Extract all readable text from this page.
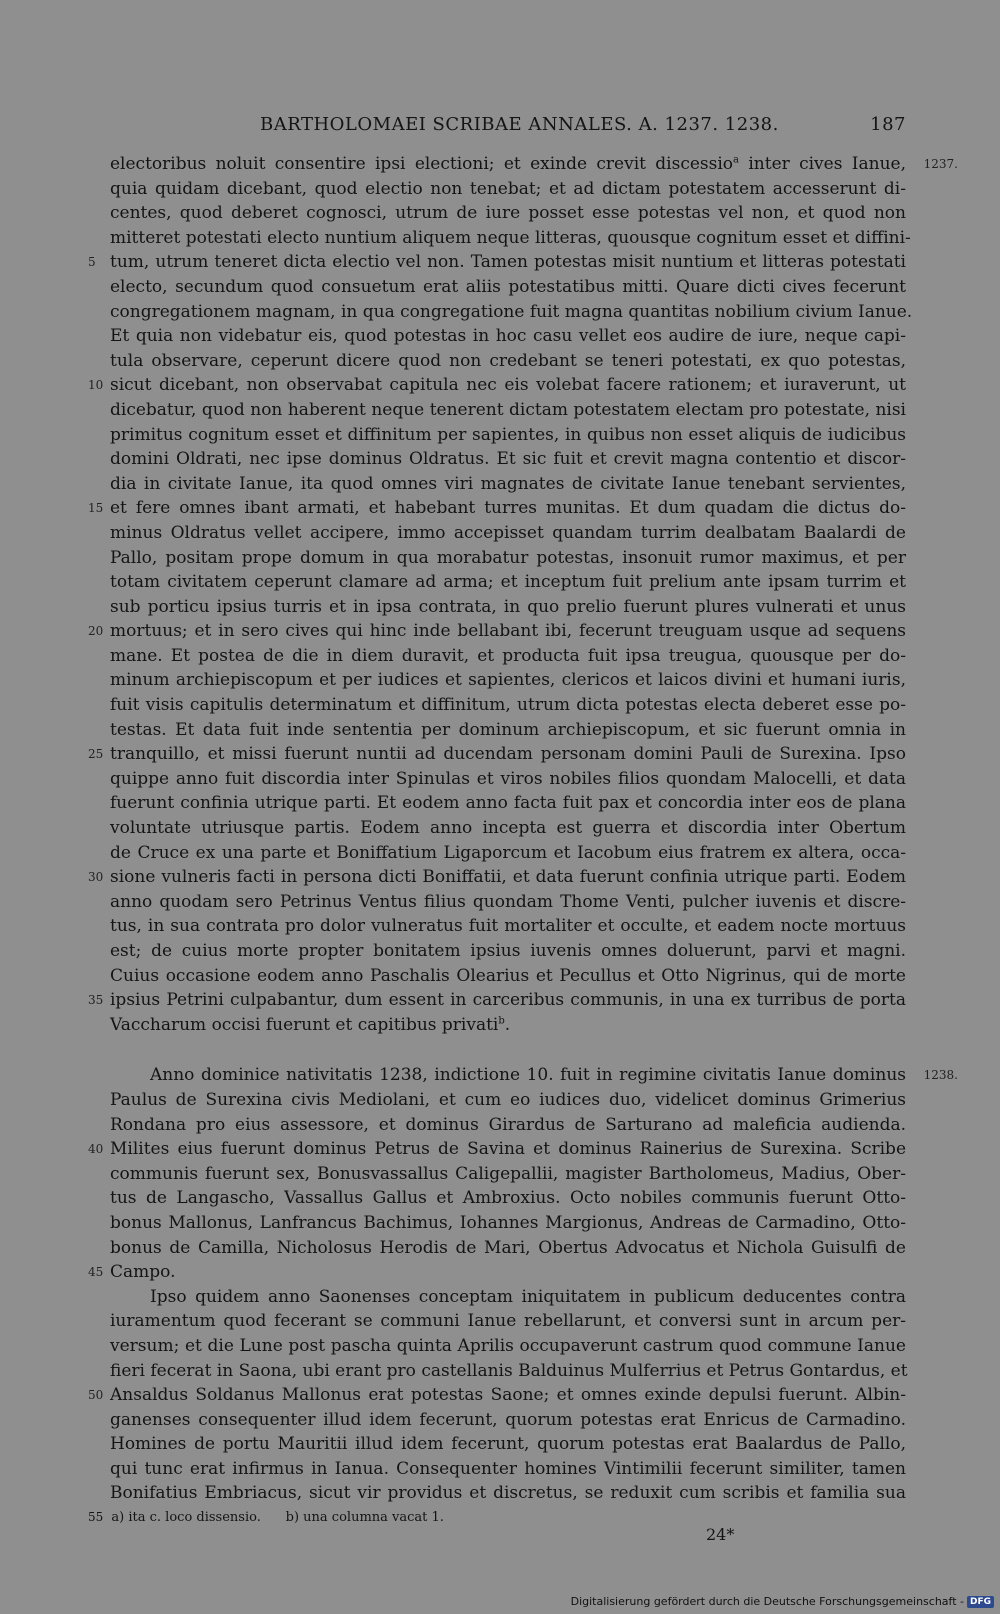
BARTHOLOMAEI SCRIBAE ANNALES. A. 1237. 1238.	187
electoribus noluit consentire ipsi electioni; et exinde crevit discessio$^a$ inter cives Ianue, 1237.
quia quidam dicebant, quod electio non tenebat; et ad dictam potestatem accesserunt di-
centes, quod deberet cognosci, utrum de iure posset esse potestas vel non, et quod non
mitteret potestati electo nuntium aliquem neque litteras, quousque cognitum esset et diffini-
tum, utrum teneret dicta electio vel non. Tamen potestas misit nuntium et litteras potestati
5
electo, secundum quod consuetum erat aliis potestatibus mitti. Quare dicti cives fecerunt
congregationem magnam, in qua congregatione fuit magna quantitas nobilium civium Ianue.
Et quia non videbatur eis, quod potestas in hoc casu vellet eos audire de iure, neque capi-
tula observare, ceperunt dicere quod non credebant se teneri potestati, ex quo potestas,
sicut dicebant, non observabat capitula nec eis volebat facere rationem; et iuraverunt, ut
10
dicebatur, quod non haberent neque tenerent dictam potestatem electam pro potestate, nisi
primitus cognitum esset et diffinitum per sapientes, in quibus non esset aliquis de iudicibus
domini Oldrati, nec ipse dominus Oldratus. Et sic fuit et crevit magna contentio et discor-
dia in civitate Ianue, ita quod omnes viri magnates de civitate Ianue tenebant servientes,
et fere omnes ibant armati, et habebant turres munitas. Et dum quadam die dictus do-
15
minus Oldratus vellet accipere, immo accepisset quandam turrim dealbatam Baalardi de
Pallo, positam prope domum in qua morabatur potestas, insonuit rumor maximus, et per
totam civitatem ceperunt clamare ad arma; et inceptum fuit prelium ante ipsam turrim et
sub porticu ipsius turris et in ipsa contrata, in quo prelio fuerunt plures vulnerati et unus
mortuus; et in sero cives qui hinc inde bellabant ibi, fecerunt treuguam usque ad sequens
20
mane. Et postea de die in diem duravit, et producta fuit ipsa treugua, quousque per do-
minum archiepiscopum et per iudices et sapientes, clericos et laicos divini et humani iuris,
fuit visis capitulis determinatum et diffinitum, utrum dicta potestas electa deberet esse po-
testas. Et data fuit inde sententia per dominum archiepiscopum, et sic fuerunt omnia in
tranquillo, et missi fuerunt nuntii ad ducendam personam domini Pauli de Surexina. Ipso
25
quippe anno fuit discordia inter Spinulas et viros nobiles filios quondam Malocelli, et data
fuerunt confinia utrique parti. Et eodem anno facta fuit pax et concordia inter eos de plana
voluntate utriusque partis. Eodem anno incepta est guerra et discordia inter Obertum
de Cruce ex una parte et Boniffatium Ligaporcum et Iacobum eius fratrem ex altera, occa-
sione vulneris facti in persona dicti Boniffatii, et data fuerunt confinia utrique parti. Eodem
30
anno quodam sero Petrinus Ventus filius quondam Thome Venti, pulcher iuvenis et discre-
tus, in sua contrata pro dolor vulneratus fuit mortaliter et occulte, et eadem nocte mortuus
est; de cuius morte propter bonitatem ipsius iuvenis omnes doluerunt, parvi et magni.
Cuius occasione eodem anno Paschalis Olearius et Pecullus et Otto Nigrinus, qui de morte
ipsius Petrini culpabantur, dum essent in carceribus communis, in una ex turribus de porta
35
Vaccharum occisi fuerunt et capitibus privati$^b$.
Anno dominice nativitatis 1238, indictione 10. fuit in regimine civitatis Ianue dominus 1238.
Paulus de Surexina civis Mediolani, et cum eo iudices duo, videlicet dominus Grimerius
Rondana pro eius assessore, et dominus Girardus de Sarturano ad maleficia audienda.
Milites eius fuerunt dominus Petrus de Savina et dominus Rainerius de Surexina. Scribe
40
communis fuerunt sex, Bonusvassallus Caligepallii, magister Bartholomeus, Madius, Ober-
tus de Langascho, Vassallus Gallus et Ambroxius. Octo nobiles communis fuerunt Otto-
bonus Mallonus, Lanfrancus Bachimus, Iohannes Margionus, Andreas de Carmadino, Otto-
bonus de Camilla, Nicholosus Herodis de Mari, Obertus Advocatus et Nichola Guisulfi de
Campo.
45
Ipso quidem anno Saonenses conceptam iniquitatem in publicum deducentes contra
iuramentum quod fecerant se communi Ianue rebellarunt, et conversi sunt in arcum per-
versum; et die Lune post pascha quinta Aprilis occupaverunt castrum quod commune Ianue
fieri fecerat in Saona, ubi erant pro castellanis Balduinus Mulferrius et Petrus Gontardus, et
Ansaldus Soldanus Mallonus erat potestas Saone; et omnes exinde depulsi fuerunt. Albin-
50
ganenses consequenter illud idem fecerunt, quorum potestas erat Enricus de Carmadino.
Homines de portu Mauritii illud idem fecerunt, quorum potestas erat Baalardus de Pallo,
qui tunc erat infirmus in Ianua. Consequenter homines Vintimilii fecerunt similiter, tamen
Bonifatius Embriacus, sicut vir providus et discretus, se reduxit cum scribis et familia sua
55 a) ita c. loco dissensio. b) una columna vacat 1.
24*
Digitalisierung gefördert durch die Deutsche Forschungsgemeinschaft - DFG
